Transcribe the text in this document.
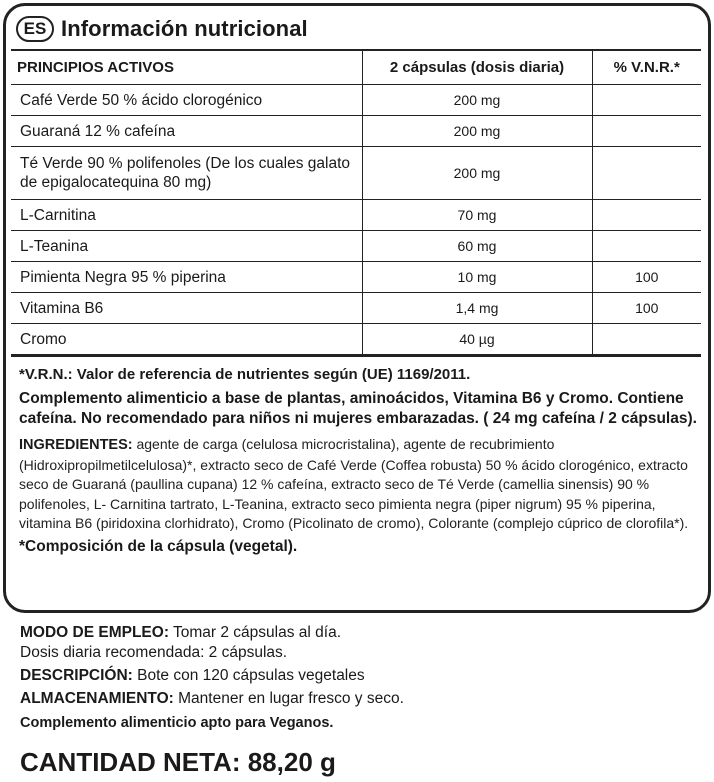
ES Información nutricional
PRINCIPIOS ACTIVOS	2 cápsulas (dosis diaria)	% V.N.R.*
Café Verde 50 % ácido clorogénico	200 mg	
Guaraná 12 % cafeína	200 mg	
Té Verde 90 % polifenoles (De los cuales galato de epigalocatequina 80 mg)	200 mg	
L-Carnitina	70 mg	
L-Teanina	60 mg	
Pimienta Negra 95 % piperina	10 mg	100
Vitamina B6	1,4 mg	100
Cromo	40 µg	

*V.R.N.: Valor de referencia de nutrientes según (UE) 1169/2011.

Complemento alimenticio a base de plantas, aminoácidos, Vitamina B6 y Cromo. Contiene cafeína. No recomendado para niños ni mujeres embarazadas. ( 24 mg cafeína / 2 cápsulas).

INGREDIENTES: agente de carga (celulosa microcristalina), agente de recubrimiento (Hidroxipropilmetilcelulosa)*, extracto seco de Café Verde (Coffea robusta) 50 % ácido clorogénico, extracto seco de Guaraná (paullina cupana) 12 % cafeína, extracto seco de Té Verde (camellia sinensis) 90 % polifenoles, L- Carnitina tartrato, L-Teanina, extracto seco pimienta negra (piper nigrum) 95 % piperina, vitamina B6 (piridoxina clorhidrato), Cromo (Picolinato de cromo), Colorante (complejo cúprico de clorofila*).

*Composición de la cápsula (vegetal).

MODO DE EMPLEO: Tomar 2 cápsulas al día.

Dosis diaria recomendada: 2 cápsulas.

DESCRIPCIÓN: Bote con 120 cápsulas vegetales

ALMACENAMIENTO: Mantener en lugar fresco y seco.

Complemento alimenticio apto para Veganos.

CANTIDAD NETA: 88,20 g
